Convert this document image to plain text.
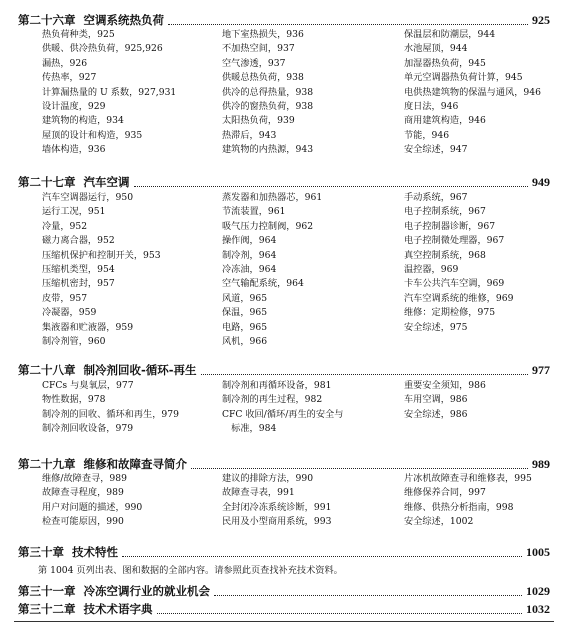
第二十六章 空调系统热负荷	925
热负荷种类，925
供暖、供冷热负荷，925,926
漏热，926
传热率，927
计算漏热量的 U 系数，927,931
设计温度，929
建筑物的构造，934
屋顶的设计和构造，935
墙体构造，936
地下室热损失，936
不加热空间，937
空气渗透，937
供暖总热负荷，938
供冷的总得热量，938
供冷的窗热负荷，938
太阳热负荷，939
热滞后，943
建筑物的内热源，943
保温层和防潮层，944
水池屋顶，944
加湿器热负荷，945
单元空调器热负荷计算，945
电供热建筑物的保温与通风，946
度日法，946
商用建筑构造，946
节能，946
安全综述，947
第二十七章 汽车空调	949
汽车空调器运行，950
运行工况，951
冷量，952
磁力离合器，952
压缩机保护和控制开关，953
压缩机类型，954
压缩机密封，957
皮带，957
冷凝器，959
集液器和贮液器，959
制冷剂管，960
蒸发器和加热器芯，961
节流装置，961
吸气压力控制阀，962
操作阀，964
制冷剂，964
冷冻油，964
空气输配系统，964
风道，965
保温，965
电路，965
风机，966
手动系统，967
电子控制系统，967
电子控制器诊断，967
电子控制微处理器，967
真空控制系统，968
温控器，969
卡车公共汽车空调，969
汽车空调系统的维修，969
维修：定期检修，975
安全综述，975
第二十八章 制冷剂回收-循环-再生	977
CFCs 与臭氧层，977
物性数据，978
制冷剂的回收、循环和再生，979
制冷剂回收设备，979
制冷剂和再循环设备，981
制冷剂的再生过程，982
CFC 收回/循环/再生的安全与
　标准，984
重要安全须知，986
车用空调，986
安全综述，986
第二十九章 维修和故障查寻简介	989
维修/故障查寻，989
故障查寻程度，989
用户对问题的描述，990
检查可能原因，990
建议的排除方法，990
故障查寻表，991
全封闭冷冻系统诊断，991
民用及小型商用系统，993
片冰机故障查寻和维修表，995
维修保养合同，997
维修、供热分析指南，998
安全综述，1002
第三十章 技术特性	1005
第 1004 页列出表、图和数据的全部内容。请参照此页查找补充技术资料。
第三十一章 冷冻空调行业的就业机会	1029
第三十二章 技术术语字典	1032
